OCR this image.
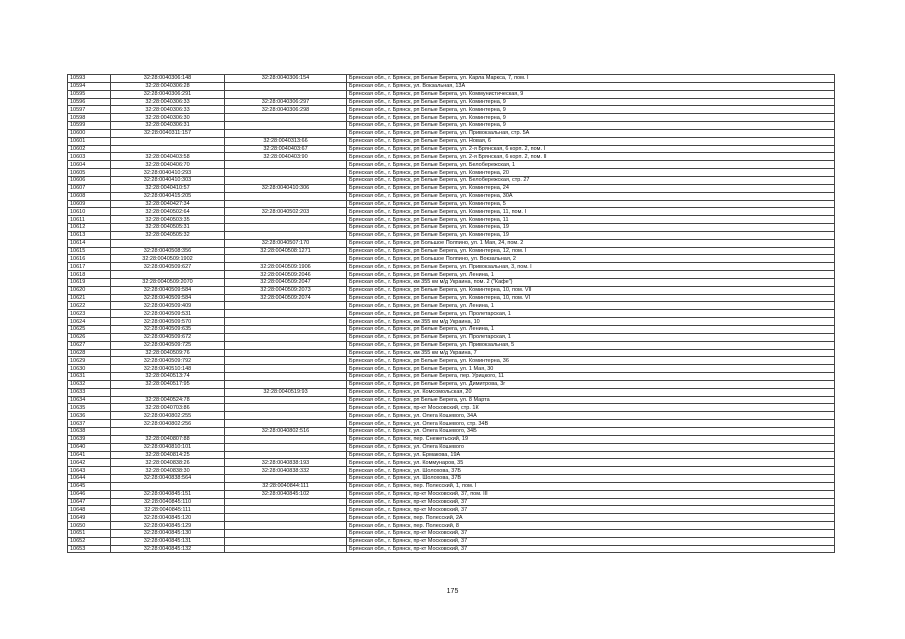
10593	32:28:0040306:148	32:28:0040306:154	Брянская обл., г. Брянск, рп Белые Берега, ул. Карла Маркса, 7, пом. I
10594	32:28:0040306:28		Брянская обл., г. Брянск, ул. Вокзальная, 13А
10595	32:28:0040306:291		Брянская обл., г. Брянск, рп Белые Берега, ул. Коммунистическая, 9
10596	32:28:0040306:33	32:28:0040306:297	Брянская обл., г. Брянск, рп Белые Берега, ул. Коминтерна, 9
10597	32:28:0040306:33	32:28:0040306:298	Брянская обл., г. Брянск, рп Белые Берега, ул. Коминтерна, 9
10598	32:28:0040306:30		Брянская обл., г. Брянск, рп Белые Берега, ул. Коминтерна, 9
10599	32:28:0040306:31		Брянская обл., г. Брянск, рп Белые Берега, ул. Коминтерна, 9
10600	32:28:0040311:157		Брянская обл., г. Брянск, рп Белые Берега, ул. Привокзальная, стр. 5А
10601		32:28:0040313:66	Брянская обл., г. Брянск, рп Белые Берега, ул. Новая, 6
10602		32:28:0040403:67	Брянская обл., г. Брянск, рп Белые Берега, ул. 2-я Брянская, 6 корп. 2, пом. I
10603	32:28:0040403:58	32:28:0040403:90	Брянская обл., г. Брянск, рп Белые Берега, ул. 2-я Брянская, 6 корп. 2, пом. II
10604	32:28:0040406:70		Брянская обл., г. Брянск, рп Белые Берега, ул. Белобережская, 1
10605	32:28:0040410:293		Брянская обл., г. Брянск, рп Белые Берега, ул. Коминтерна, 20
10606	32:28:0040410:303		Брянская обл., г. Брянск, рп Белые Берега, ул. Белобережская, стр. 27
10607	32:28:0040410:57	32:28:0040410:306	Брянская обл., г. Брянск, рп Белые Берега, ул. Коминтерна, 24
10608	32:28:0040415:205		Брянская обл., г. Брянск, рп Белые Берега, ул. Коминтерна, 30А
10609	32:28:0040427:34		Брянская обл., г. Брянск, рп Белые Берега, ул. Коминтерна, 5
10610	32:28:0040502:64	32:28:0040502:203	Брянская обл., г. Брянск, рп Белые Берега, ул. Коминтерна, 11, пом. I
10611	32:28:0040503:35		Брянская обл., г. Брянск, рп Белые Берега, ул. Коминтерна, 11
10612	32:28:0040505:31		Брянская обл., г. Брянск, рп Белые Берега, ул. Коминтерна, 19
10613	32:28:0040505:32		Брянская обл., г. Брянск, рп Белые Берега, ул. Коминтерна, 19
10614		32:28:0040507:170	Брянская обл., г. Брянск, рп Большое Полпино, ул. 1 Мая, 24, пом. 2
10615	32:28:0040508:356	32:28:0040508:1271	Брянская обл., г. Брянск, рп Белые Берега, ул. Коминтерна, 12, пом. I
10616	32:28:0040509:1902		Брянская обл., г. Брянск, рп Большое Полпино, ул. Вокзальная, 2
10617	32:28:0040509:627	32:28:0040509:1906	Брянская обл., г. Брянск, рп Белые Берега, ул. Привокзальная, 3, пом. I
10618		32:28:0040509:2046	Брянская обл., г. Брянск, рп Белые Берега, ул. Ленина, 1
10619	32:28:0040509:2070	32:28:0040509:2047	Брянская обл., г. Брянск, км 355 км м/д Украина, пом. 2 ("Кафе")
10620	32:28:0040509:584	32:28:0040509:2073	Брянская обл., г. Брянск, рп Белые Берега, ул. Коминтерна, 10, пом. VII
10621	32:28:0040509:584	32:28:0040509:2074	Брянская обл., г. Брянск, рп Белые Берега, ул. Коминтерна, 10, пом. VI
10622	32:28:0040509:409		Брянская обл., г. Брянск, рп Белые Берега, ул. Ленина, 1
10623	32:28:0040509:531		Брянская обл., г. Брянск, рп Белые Берега, ул. Пролетарская, 1
10624	32:28:0040509:570		Брянская обл., г. Брянск, км 355 км м/д Украина, 10
10625	32:28:0040509:635		Брянская обл., г. Брянск, рп Белые Берега, ул. Ленина, 1
10626	32:28:0040509:672		Брянская обл., г. Брянск, рп Белые Берега, ул. Пролетарская, 1
10627	32:28:0040509:725		Брянская обл., г. Брянск, рп Белые Берега, ул. Привокзальная, 5
10628	32:28:0040509:76		Брянская обл., г. Брянск, км 355 км м/д Украина, 7
10629	32:28:0040509:792		Брянская обл., г. Брянск, рп Белые Берега, ул. Коминтерна, 36
10630	32:28:0040510:148		Брянская обл., г. Брянск, рп Белые Берега, ул. 1 Мая, 30
10631	32:28:0040513:74		Брянская обл., г. Брянск, рп Белые Берега, пер. Урицкого, 11
10632	32:28:0040517:95		Брянская обл., г. Брянск, рп Белые Берега, ул. Димитрова, 3г
10633		32:28:0040519:93	Брянская обл., г. Брянск, ул. Комсомольская, 20
10634	32:28:0040524:78		Брянская обл., г. Брянск, рп Белые Берега, ул. 8 Марта
10635	32:28:0040703:86		Брянская обл., г. Брянск, пр-кт Московский, стр. 1К
10636	32:28:0040802:255		Брянская обл., г. Брянск, ул. Олега Кошевого, 34А
10637	32:28:0040802:256		Брянская обл., г. Брянск, ул. Олега Кошевого, стр. 34В
10638		32:28:0040802:516	Брянская обл., г. Брянск, ул. Олега Кошевого, 34Б
10639	32:28:0040807:88		Брянская обл., г. Брянск, пер. Снежетьский, 19
10640	32:28:0040810:101		Брянская обл., г. Брянск, ул. Олега Кошевого
10641	32:28:0040814:25		Брянская обл., г. Брянск, ул. Ермакова, 19А
10642	32:28:0040838:26	32:28:0040838:193	Брянская обл., г. Брянск, ул. Коммунаров, 35
10643	32:28:0040838:30	32:28:0040838:332	Брянская обл., г. Брянск, ул. Шолохова, 37Б
10644	32:28:0040838:564		Брянская обл., г. Брянск, ул. Шолохова, 37В
10645		32:28:0040844:111	Брянская обл., г. Брянск, пер. Полесский, 1, пом. I
10646	32:28:0040845:151	32:28:0040845:102	Брянская обл., г. Брянск, пр-кт Московский, 37, пом. III
10647	32:28:0040845:110		Брянская обл., г. Брянск, пр-кт Московский, 37
10648	32:28:0040845:111		Брянская обл., г. Брянск, пр-кт Московский, 37
10649	32:28:0040845:120		Брянская обл., г. Брянск, пер. Полесский, 2А
10650	32:28:0040845:129		Брянская обл., г. Брянск, пер. Полесский, 8
10651	32:28:0040845:130		Брянская обл., г. Брянск, пр-кт Московский, 37
10652	32:28:0040845:131		Брянская обл., г. Брянск, пр-кт Московский, 37
10653	32:28:0040845:132		Брянская обл., г. Брянск, пр-кт Московский, 37
175
